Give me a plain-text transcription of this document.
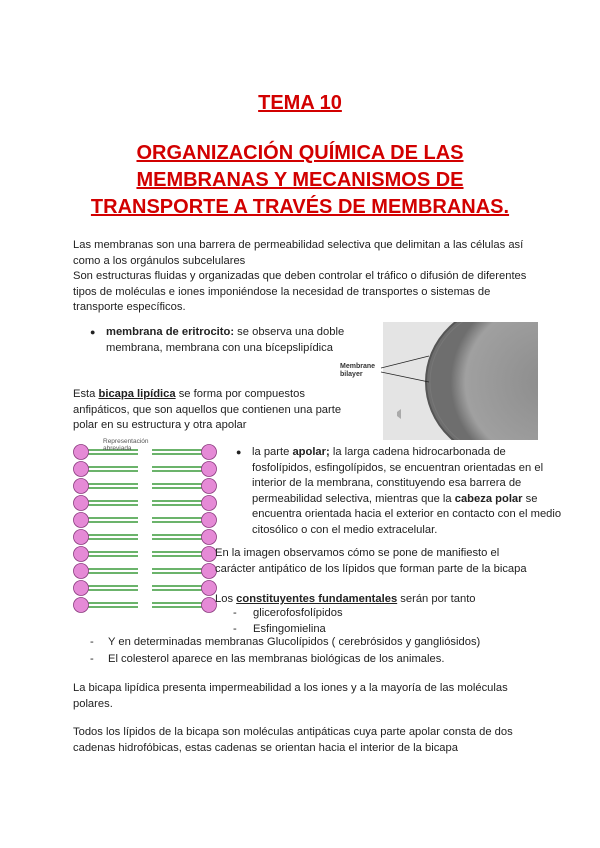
TEMA 10
ORGANIZACIÓN QUÍMICA DE LAS
MEMBRANAS Y MECANISMOS DE
TRANSPORTE A TRAVÉS DE MEMBRANAS.
Las membranas son una barrera de permeabilidad selectiva que delimitan a las células así como a los orgánulos subcelulares
Son estructuras fluidas y organizadas que deben controlar el tráfico o difusión de diferentes tipos de moléculas e iones imponiéndose la necesidad de transportes o sistemas de transporte específicos.
● membrana de eritrocito: se observa una doble membrana, membrana con una bícepslipídica
Membrane
bilayer
Esta bicapa lipídica se forma por compuestos anfipáticos, que son aquellos que contienen una parte polar en su estructura y otra apolar
Representación
abreviada	● la parte apolar; la larga cadena hidrocarbonada de fosfolípidos, esfingolípidos, se encuentran orientadas en el interior de la membrana, constituyendo esa barrera de permeabilidad selectiva, mientras que la cabeza polar se encuentra orientada hacia el exterior en contacto con el medio citosólico o con el medio extracelular.
En la imagen observamos cómo se pone de manifiesto el carácter antipático de los lípidos que forman parte de la bicapa
Los constituyentes fundamentales serán por tanto
- glicerofosfolípidos
- Esfingomielina
- Y en determinadas membranas Glucolípidos ( cerebrósidos y gangliósidos)
- El colesterol aparece en las membranas biológicas de los animales.
La bicapa lipídica presenta impermeabilidad a los iones y a la mayoría de las moléculas polares.
Todos los lípidos de la bicapa son moléculas antipáticas cuya parte apolar consta de dos cadenas hidrofóbicas, estas cadenas se orientan hacia el interior de la bicapa
